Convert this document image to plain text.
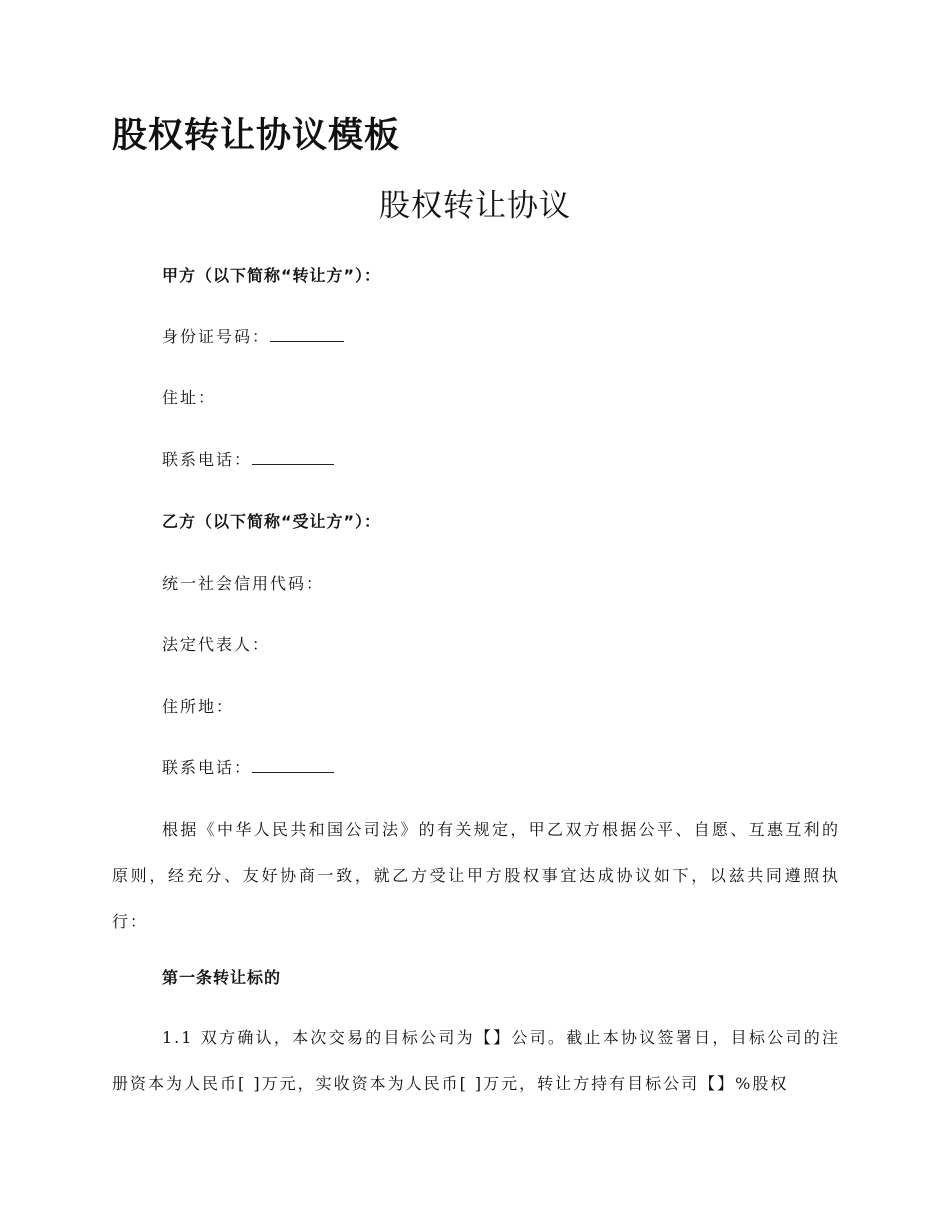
股权转让协议模板
股权转让协议

甲方（以下简称“转让方”）：

身份证号码：

住址：

联系电话：

乙方（以下简称“受让方”）：

统一社会信用代码：

法定代表人：

住所地：

联系电话：

根据《中华人民共和国公司法》的有关规定，甲乙双方根据公平、自愿、互惠互利的原则，经充分、友好协商一致，就乙方受让甲方股权事宜达成协议如下，以兹共同遵照执行：

第一条转让标的

1.1 双方确认，本次交易的目标公司为【】公司。截止本协议签署日，目标公司的注册资本为人民币[ ]万元，实收资本为人民币[ ]万元，转让方持有目标公司【】%股权
